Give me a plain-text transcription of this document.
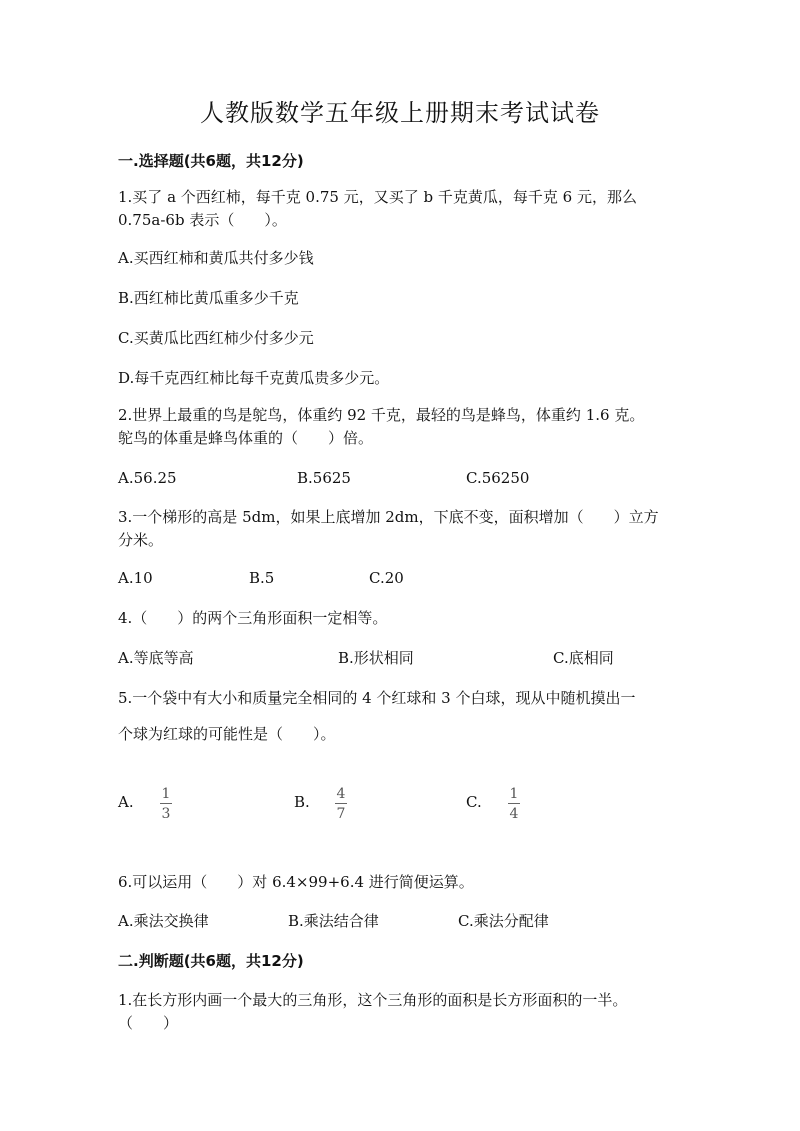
人教版数学五年级上册期末考试试卷
一.选择题(共6题，共12分)
1.买了 a 个西红柿，每千克 0.75 元，又买了 b 千克黄瓜，每千克 6 元，那么
0.75a-6b 表示（　　）。
A.买西红柿和黄瓜共付多少钱
B.西红柿比黄瓜重多少千克
C.买黄瓜比西红柿少付多少元
D.每千克西红柿比每千克黄瓜贵多少元。
2.世界上最重的鸟是鸵鸟，体重约 92 千克，最轻的鸟是蜂鸟，体重约 1.6 克。
鸵鸟的体重是蜂鸟体重的（　　）倍。
A.56.25	B.5625	C.56250
3.一个梯形的高是 5dm，如果上底增加 2dm，下底不变，面积增加（　　）立方
分米。
A.10	B.5	C.20
4.（　　）的两个三角形面积一定相等。
A.等底等高	B.形状相同	C.底相同
5.一个袋中有大小和质量完全相同的 4 个红球和 3 个白球，现从中随机摸出一
个球为红球的可能性是（　　）。
A.	1
3
B.	4
7
C.	1
4
6.可以运用（　　）对 6.4×99+6.4 进行简便运算。
A.乘法交换律	B.乘法结合律	C.乘法分配律
二.判断题(共6题，共12分)
1.在长方形内画一个最大的三角形，这个三角形的面积是长方形面积的一半。
（　　）
